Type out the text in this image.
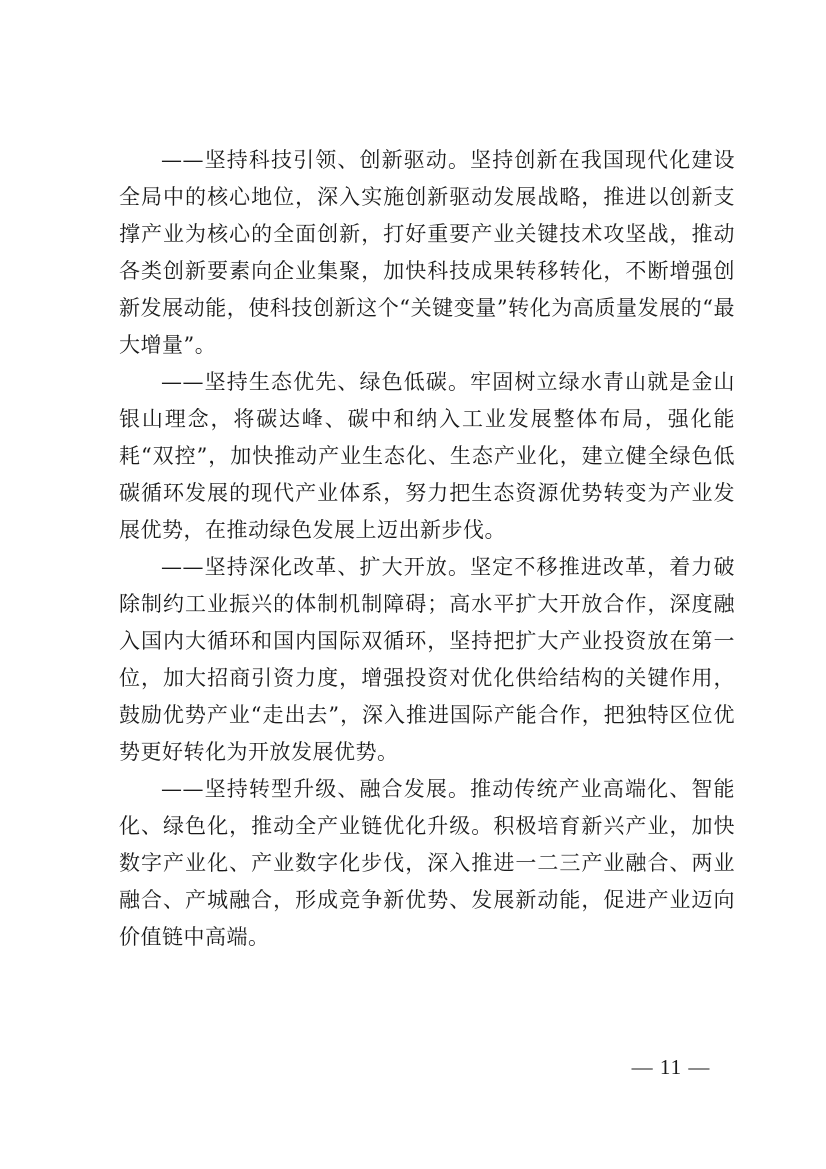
——坚持科技引领、创新驱动。坚持创新在我国现代化建设全局中的核心地位，深入实施创新驱动发展战略，推进以创新支撑产业为核心的全面创新，打好重要产业关键技术攻坚战，推动各类创新要素向企业集聚，加快科技成果转移转化，不断增强创新发展动能，使科技创新这个“关键变量”转化为高质量发展的“最大增量”。

——坚持生态优先、绿色低碳。牢固树立绿水青山就是金山银山理念，将碳达峰、碳中和纳入工业发展整体布局，强化能耗“双控”，加快推动产业生态化、生态产业化，建立健全绿色低碳循环发展的现代产业体系，努力把生态资源优势转变为产业发展优势，在推动绿色发展上迈出新步伐。

——坚持深化改革、扩大开放。坚定不移推进改革，着力破除制约工业振兴的体制机制障碍；高水平扩大开放合作，深度融入国内大循环和国内国际双循环，坚持把扩大产业投资放在第一位，加大招商引资力度，增强投资对优化供给结构的关键作用，鼓励优势产业“走出去”，深入推进国际产能合作，把独特区位优势更好转化为开放发展优势。

——坚持转型升级、融合发展。推动传统产业高端化、智能化、绿色化，推动全产业链优化升级。积极培育新兴产业，加快数字产业化、产业数字化步伐，深入推进一二三产业融合、两业融合、产城融合，形成竞争新优势、发展新动能，促进产业迈向价值链中高端。

— 11 —
